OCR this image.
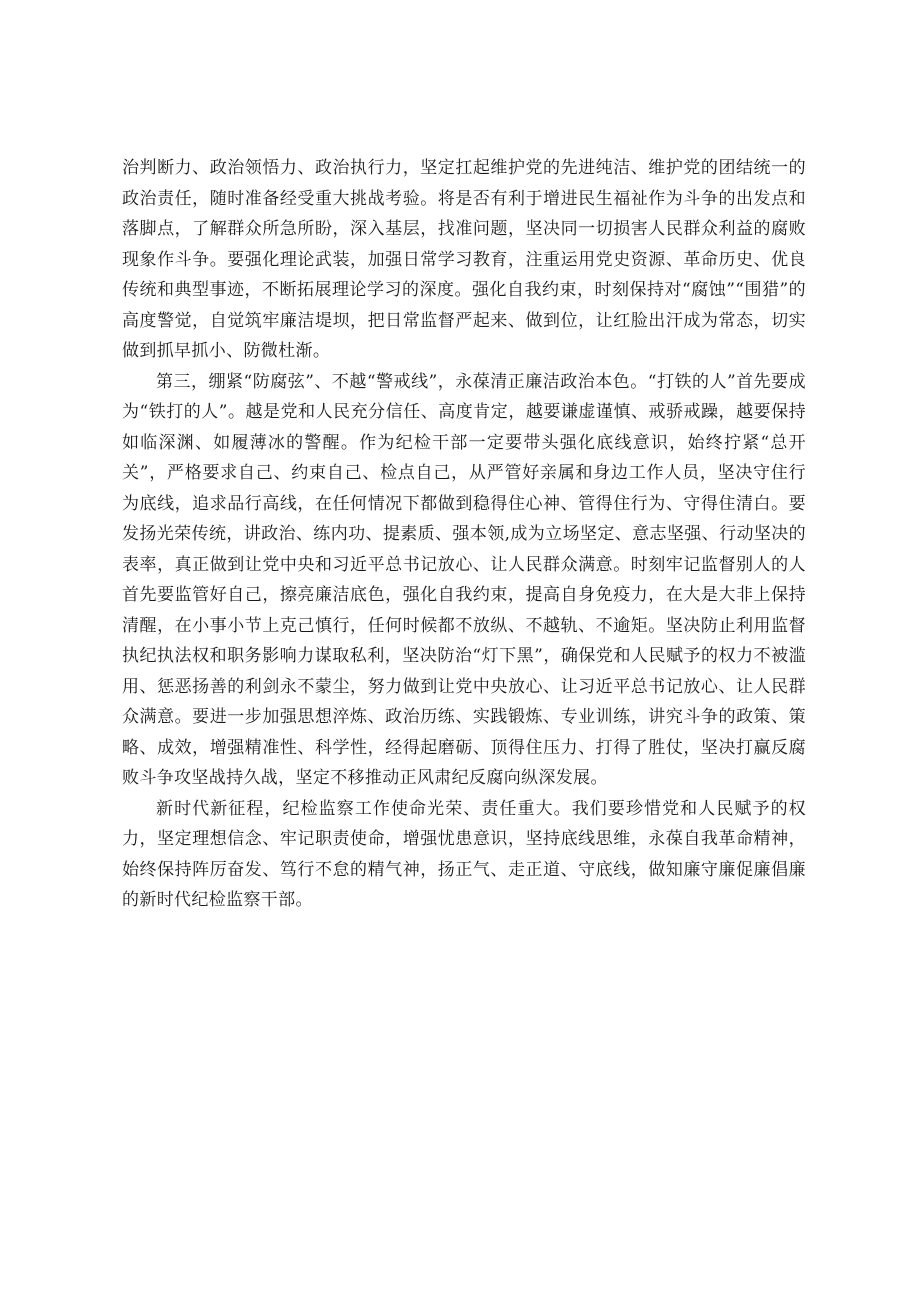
治判断力、政治领悟力、政治执行力，坚定扛起维护党的先进纯洁、维护党的团结统一的政治责任，随时准备经受重大挑战考验。将是否有利于增进民生福祉作为斗争的出发点和落脚点，了解群众所急所盼，深入基层，找准问题，坚决同一切损害人民群众利益的腐败现象作斗争。要强化理论武装，加强日常学习教育，注重运用党史资源、革命历史、优良传统和典型事迹，不断拓展理论学习的深度。强化自我约束，时刻保持对“腐蚀”“围猎”的高度警觉，自觉筑牢廉洁堤坝，把日常监督严起来、做到位，让红脸出汗成为常态，切实做到抓早抓小、防微杜渐。

第三，绷紧“防腐弦”、不越“警戒线”，永葆清正廉洁政治本色。“打铁的人”首先要成为“铁打的人”。越是党和人民充分信任、高度肯定，越要谦虚谨慎、戒骄戒躁，越要保持如临深渊、如履薄冰的警醒。作为纪检干部一定要带头强化底线意识，始终拧紧“总开关”，严格要求自己、约束自己、检点自己，从严管好亲属和身边工作人员，坚决守住行为底线，追求品行高线，在任何情况下都做到稳得住心神、管得住行为、守得住清白。要发扬光荣传统，讲政治、练内功、提素质、强本领,成为立场坚定、意志坚强、行动坚决的表率，真正做到让党中央和习近平总书记放心、让人民群众满意。时刻牢记监督别人的人首先要监管好自己，擦亮廉洁底色，强化自我约束，提高自身免疫力，在大是大非上保持清醒，在小事小节上克己慎行，任何时候都不放纵、不越轨、不逾矩。坚决防止利用监督执纪执法权和职务影响力谋取私利，坚决防治“灯下黑”，确保党和人民赋予的权力不被滥用、惩恶扬善的利剑永不蒙尘，努力做到让党中央放心、让习近平总书记放心、让人民群众满意。要进一步加强思想淬炼、政治历练、实践锻炼、专业训练，讲究斗争的政策、策略、成效，增强精准性、科学性，经得起磨砺、顶得住压力、打得了胜仗，坚决打赢反腐败斗争攻坚战持久战，坚定不移推动正风肃纪反腐向纵深发展。

新时代新征程，纪检监察工作使命光荣、责任重大。我们要珍惜党和人民赋予的权力，坚定理想信念、牢记职责使命，增强忧患意识，坚持底线思维，永葆自我革命精神，始终保持阵厉奋发、笃行不怠的精气神，扬正气、走正道、守底线，做知廉守廉促廉倡廉的新时代纪检监察干部。
